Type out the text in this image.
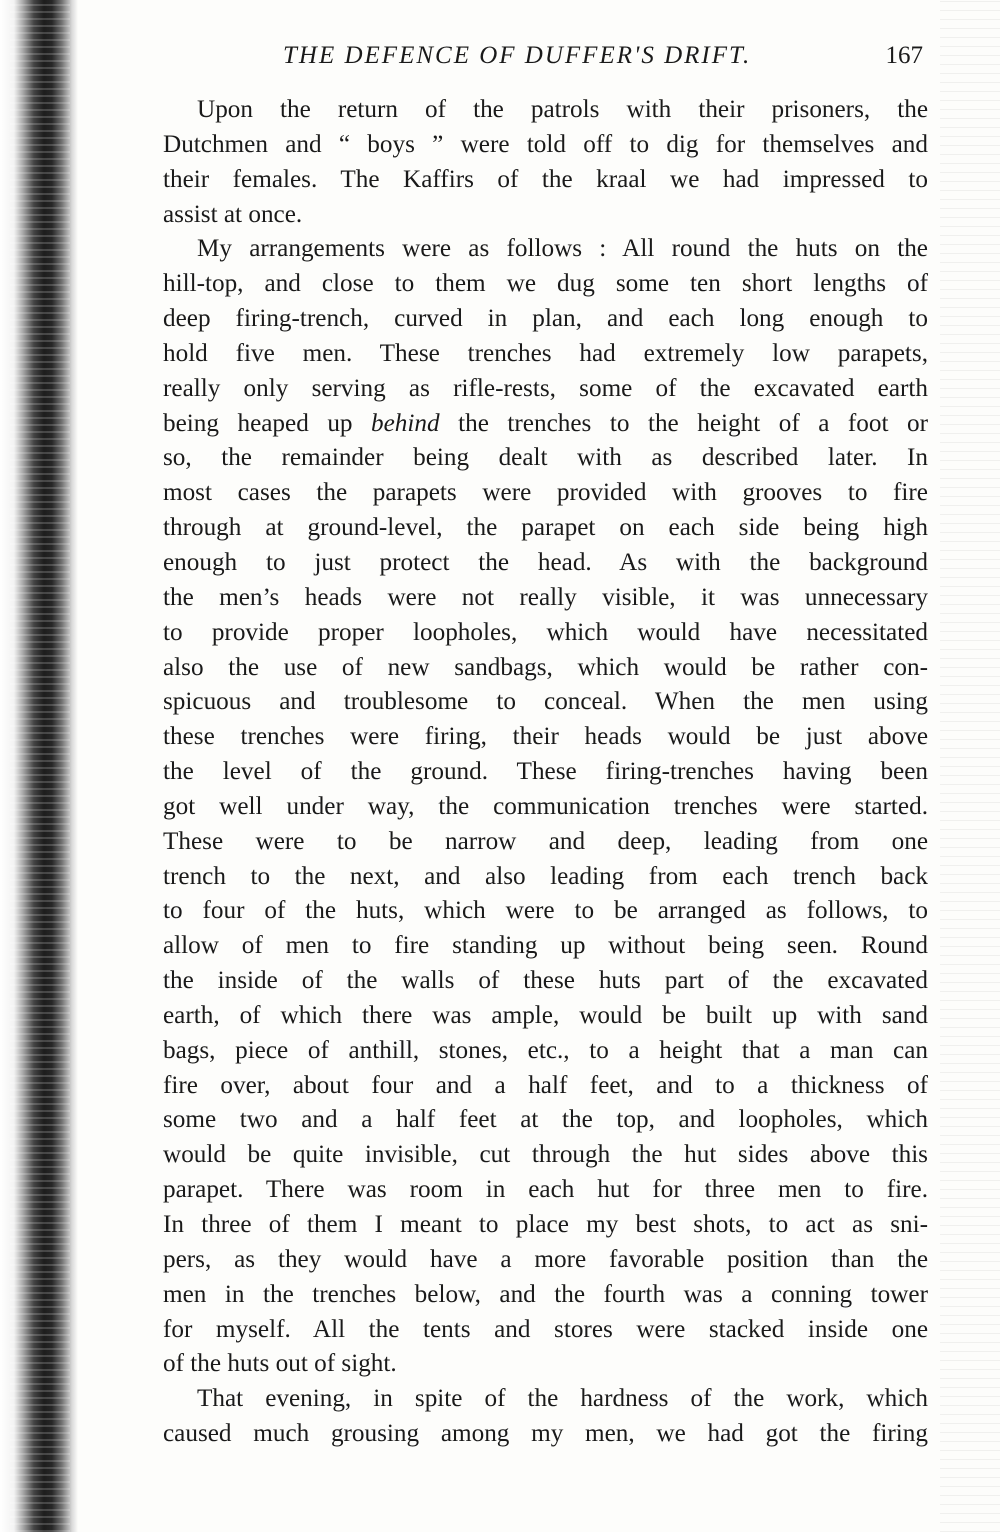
THE DEFENCE OF DUFFER'S DRIFT.	167

Upon the return of the patrols with their prisoners, the
Dutchmen and “ boys ” were told off to dig for themselves and
their females. The Kaffirs of the kraal we had impressed to
assist at once.

My arrangements were as follows : All round the huts on the
hill-top, and close to them we dug some ten short lengths of
deep firing-trench, curved in plan, and each long enough to
hold five men. These trenches had extremely low parapets,
really only serving as rifle-rests, some of the excavated earth
being heaped up behind the trenches to the height of a foot or
so, the remainder being dealt with as described later. In
most cases the parapets were provided with grooves to fire
through at ground-level, the parapet on each side being high
enough to just protect the head. As with the background
the men’s heads were not really visible, it was unnecessary
to provide proper loopholes, which would have necessitated
also the use of new sandbags, which would be rather con-
spicuous and troublesome to conceal. When the men using
these trenches were firing, their heads would be just above
the level of the ground. These firing-trenches having been
got well under way, the communication trenches were started.
These were to be narrow and deep, leading from one
trench to the next, and also leading from each trench back
to four of the huts, which were to be arranged as follows, to
allow of men to fire standing up without being seen. Round
the inside of the walls of these huts part of the excavated
earth, of which there was ample, would be built up with sand
bags, piece of anthill, stones, etc., to a height that a man can
fire over, about four and a half feet, and to a thickness of
some two and a half feet at the top, and loopholes, which
would be quite invisible, cut through the hut sides above this
parapet. There was room in each hut for three men to fire.
In three of them I meant to place my best shots, to act as sni-
pers, as they would have a more favorable position than the
men in the trenches below, and the fourth was a conning tower
for myself. All the tents and stores were stacked inside one
of the huts out of sight.

That evening, in spite of the hardness of the work, which
caused much grousing among my men, we had got the firing
